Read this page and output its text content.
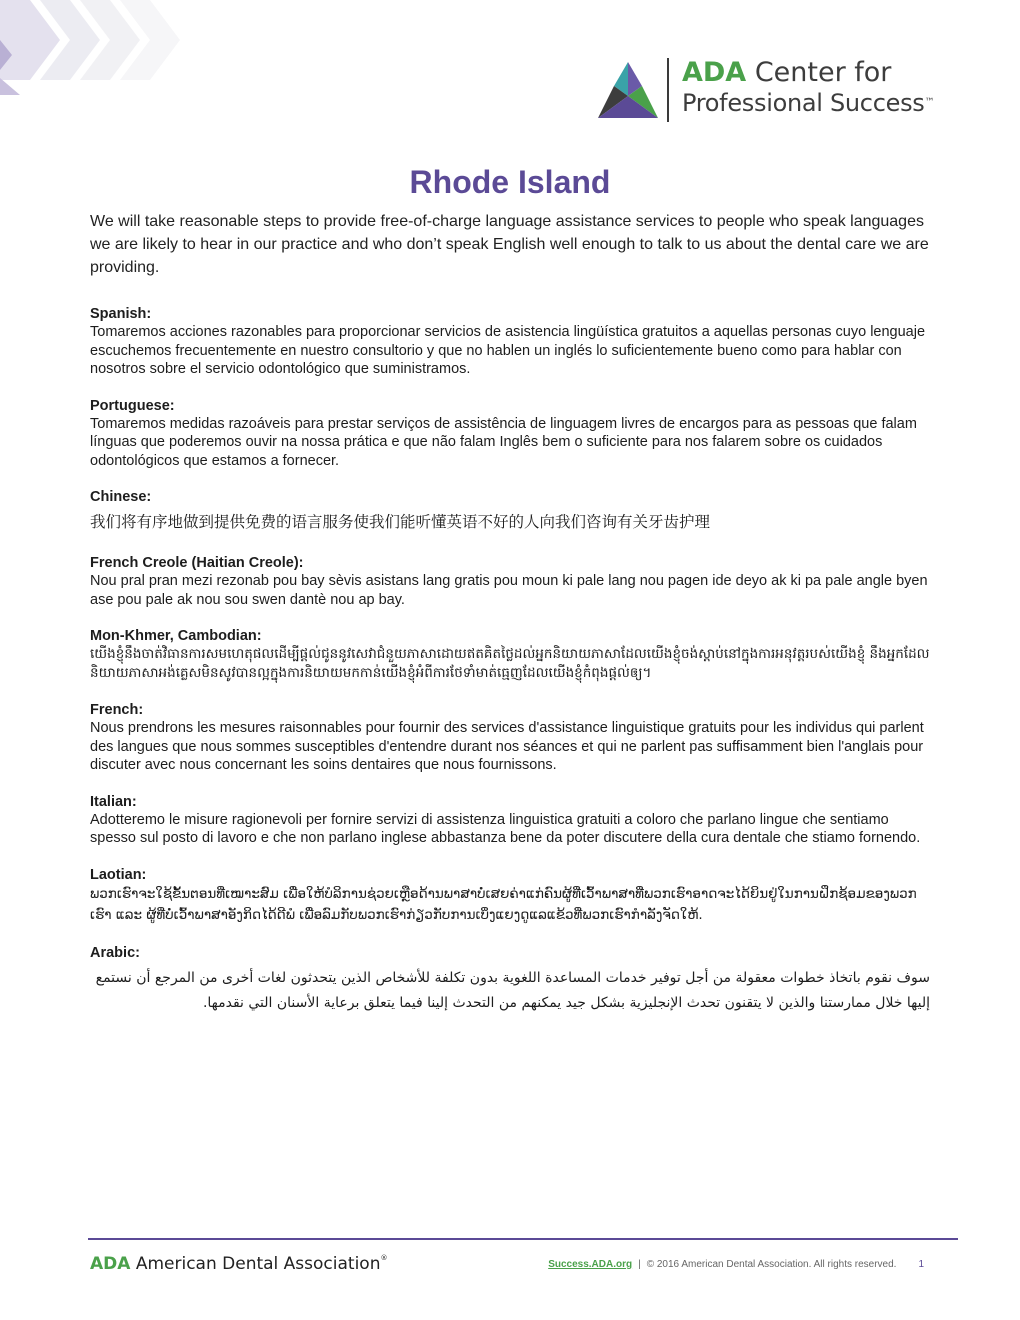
ADA Center for
Professional Success™
Rhode Island
We will take reasonable steps to provide free-of-charge language assistance services to people who speak languages we are likely to hear in our practice and who don’t speak English well enough to talk to us about the dental care we are providing.
Spanish:

Tomaremos acciones razonables para proporcionar servicios de asistencia lingüística gratuitos a aquellas personas cuyo lenguaje escuchemos frecuentemente en nuestro consultorio y que no hablen un inglés lo suficientemente bueno como para hablar con nosotros sobre el servicio odontológico que suministramos.

Portuguese:

Tomaremos medidas razoáveis para prestar serviços de assistência de linguagem livres de encargos para as pessoas que falam línguas que poderemos ouvir na nossa prática e que não falam Inglês bem o suficiente para nos falarem sobre os cuidados odontológicos que estamos a fornecer.

Chinese:

我们将有序地做到提供免费的语言服务使我们能听懂英语不好的人向我们咨询有关牙齿护理

French Creole (Haitian Creole):

Nou pral pran mezi rezonab pou bay sèvis asistans lang gratis pou moun ki pale lang nou pagen ide deyo ak ki pa pale angle byen ase pou pale ak nou sou swen dantè nou ap bay.

Mon-Khmer, Cambodian:

យើងខ្ញុំនឹងចាត់វិធានការសមហេតុផលដើម្បីផ្តល់ជូននូវសេវាជំនួយភាសាដោយឥតគិតថ្លៃដល់អ្នកនិយាយភាសាដែលយើងខ្ញុំចង់ស្តាប់នៅក្នុងការអនុវត្តរបស់យើងខ្ញុំ នឹងអ្នកដែលនិយាយភាសាអង់គ្លេសមិនសូវបានល្អក្នុងការនិយាយមកកាន់យើងខ្ញុំអំពីការថែទាំមាត់ធ្មេញដែលយើងខ្ញុំកំពុងផ្តល់ឲ្យ។

French:

Nous prendrons les mesures raisonnables pour fournir des services d'assistance linguistique gratuits pour les individus qui parlent des langues que nous sommes susceptibles d'entendre durant nos séances et qui ne parlent pas suffisamment bien l'anglais pour discuter avec nous concernant les soins dentaires que nous fournissons.

Italian:

Adotteremo le misure ragionevoli per fornire servizi di assistenza linguistica gratuiti a coloro che parlano lingue che sentiamo spesso sul posto di lavoro e che non parlano inglese abbastanza bene da poter discutere della cura dentale che stiamo fornendo.

Laotian:

ພວກເຮົາຈະໃຊ້ຂັ້ນຕອນທີ່ເໝາະສົມ ເພື່ອໃຫ້ບໍລິການຊ່ວຍເຫຼືອດ້ານພາສາບໍ່ເສຍຄ່າແກ່ຄົນຜູ້ທີ່ເວົ້າພາສາທີ່ພວກເຮົາອາດຈະໄດ້ຍິນຢູ່ໃນການຝຶກຊ້ອມຂອງພວກເຮົາ ແລະ ຜູ້ທີ່ບໍ່ເວົ້າພາສາອັງກິດໄດ້ດີພໍ ເພື່ອລົມກັບພວກເຮົາກ່ຽວກັບການເບິ່ງແຍງດູແລແຂ້ວທີ່ພວກເຮົາກໍາລັງຈັດໃຫ້.

Arabic:

سوف نقوم باتخاذ خطوات معقولة من أجل توفير خدمات المساعدة اللغوية بدون تكلفة للأشخاص الذين يتحدثون لغات أخرى من المرجع أن نستمع إليها خلال ممارستنا والذين لا يتقنون تحدث الإنجليزية بشكل جيد يمكنهم من التحدث إلينا فيما يتعلق برعاية الأسنان التي نقدمها.

ADA American Dental Association®
Success.ADA.org | © 2016 American Dental Association. All rights reserved. 1
